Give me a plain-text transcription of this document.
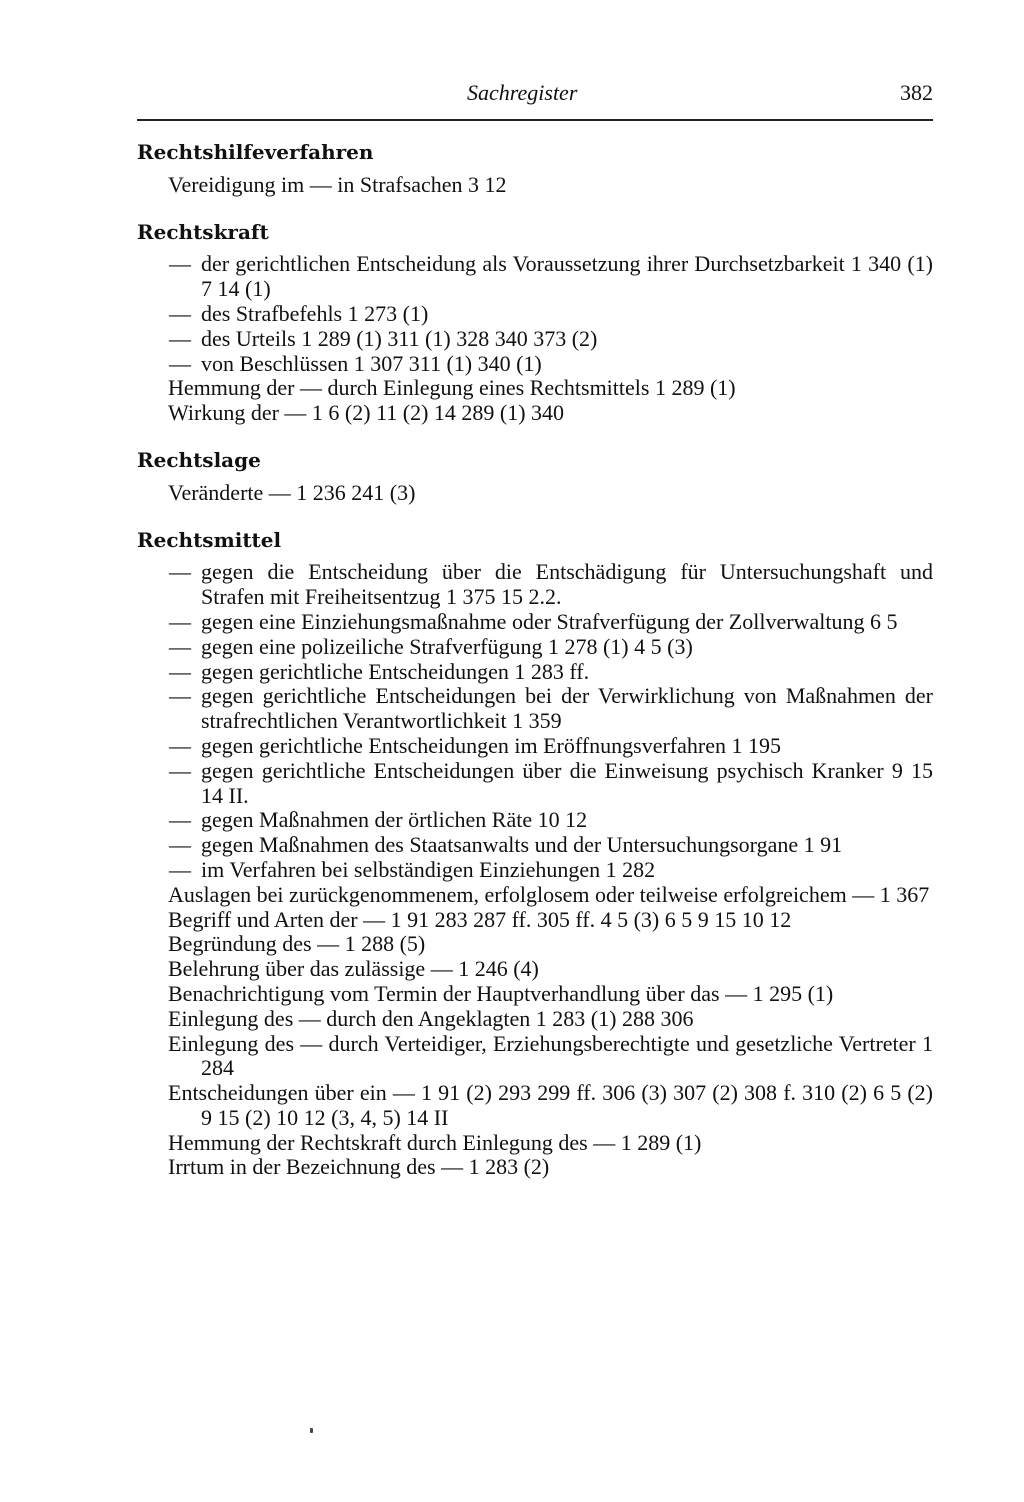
Sachregister	382
Rechtshilfeverfahren
Vereidigung im — in Strafsachen 3 12
Rechtskraft
— der gerichtlichen Entscheidung als Voraussetzung ihrer Durchsetzbarkeit 1 340 (1) 7 14 (1)
— des Strafbefehls 1 273 (1)
— des Urteils 1 289 (1) 311 (1) 328 340 373 (2)
— von Beschlüssen 1 307 311 (1) 340 (1)
Hemmung der — durch Einlegung eines Rechtsmittels 1 289 (1)
Wirkung der — 1 6 (2) 11 (2) 14 289 (1) 340
Rechtslage
Veränderte — 1 236 241 (3)
Rechtsmittel
— gegen die Entscheidung über die Entschädigung für Untersuchungshaft und Strafen mit Freiheitsentzug 1 375 15 2.2.
— gegen eine Einziehungsmaßnahme oder Strafverfügung der Zollverwaltung 6 5
— gegen eine polizeiliche Strafverfügung 1 278 (1) 4 5 (3)
— gegen gerichtliche Entscheidungen 1 283 ff.
— gegen gerichtliche Entscheidungen bei der Verwirklichung von Maßnahmen der strafrechtlichen Verantwortlichkeit 1 359
— gegen gerichtliche Entscheidungen im Eröffnungsverfahren 1 195
— gegen gerichtliche Entscheidungen über die Einweisung psychisch Kranker 9 15 14 II.
— gegen Maßnahmen der örtlichen Räte 10 12
— gegen Maßnahmen des Staatsanwalts und der Untersuchungsorgane 1 91
— im Verfahren bei selbständigen Einziehungen 1 282
Auslagen bei zurückgenommenem, erfolglosem oder teilweise erfolgreichem — 1 367
Begriff und Arten der — 1 91 283 287 ff. 305 ff. 4 5 (3) 6 5 9 15 10 12
Begründung des — 1 288 (5)
Belehrung über das zulässige — 1 246 (4)
Benachrichtigung vom Termin der Hauptverhandlung über das — 1 295 (1)
Einlegung des — durch den Angeklagten 1 283 (1) 288 306
Einlegung des — durch Verteidiger, Erziehungsberechtigte und gesetzliche Vertreter 1 284
Entscheidungen über ein — 1 91 (2) 293 299 ff. 306 (3) 307 (2) 308 f. 310 (2) 6 5 (2) 9 15 (2) 10 12 (3, 4, 5) 14 II
Hemmung der Rechtskraft durch Einlegung des — 1 289 (1)
Irrtum in der Bezeichnung des — 1 283 (2)
